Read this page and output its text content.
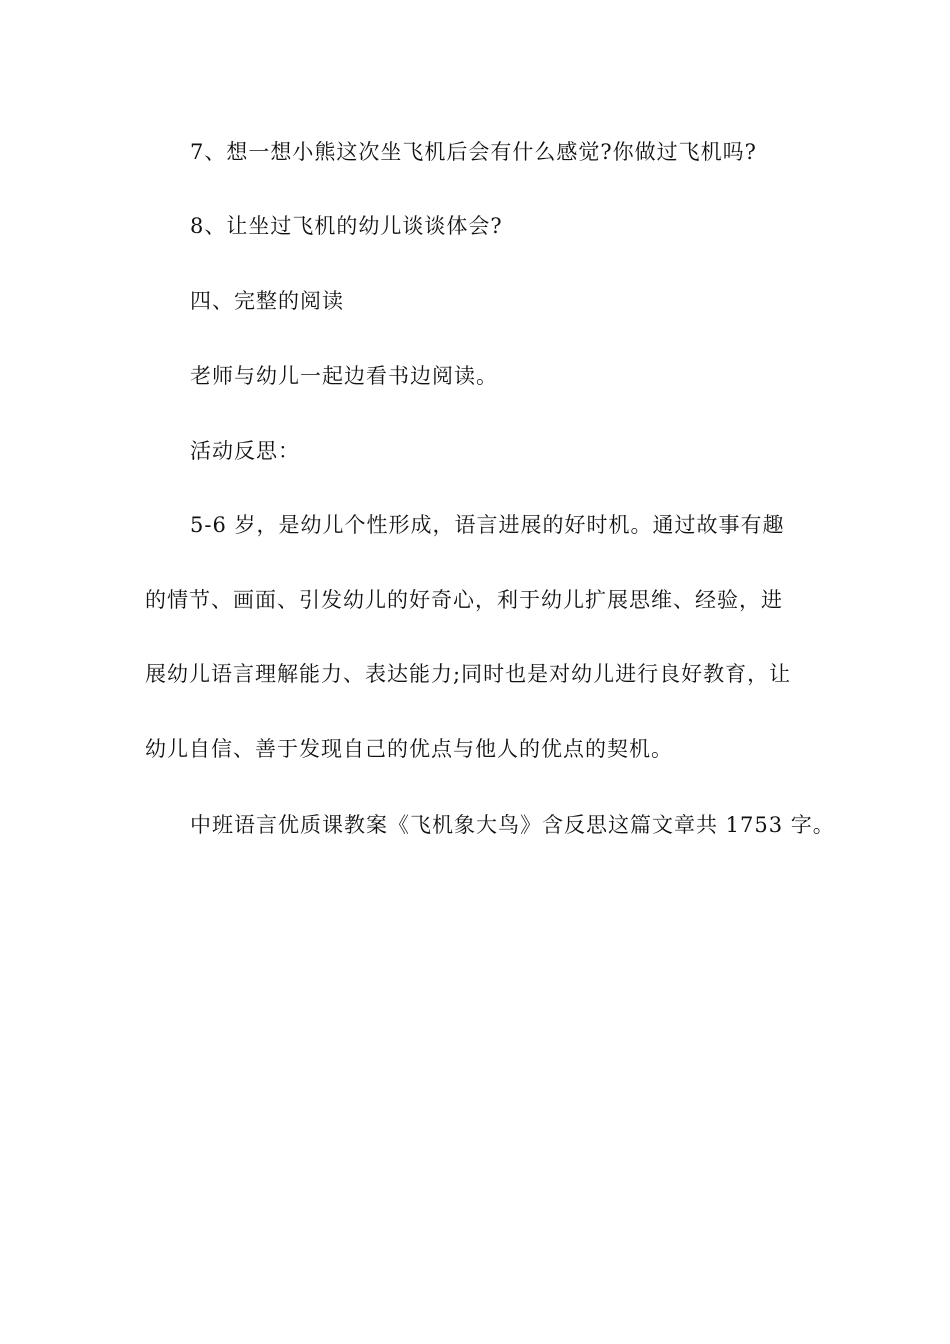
7、想一想小熊这次坐飞机后会有什么感觉?你做过飞机吗?
8、让坐过飞机的幼儿谈谈体会?
四、完整的阅读
老师与幼儿一起边看书边阅读。
活动反思：
5-6 岁，是幼儿个性形成，语言进展的好时机。通过故事有趣
的情节、画面、引发幼儿的好奇心，利于幼儿扩展思维、经验，进
展幼儿语言理解能力、表达能力;同时也是对幼儿进行良好教育，让
幼儿自信、善于发现自己的优点与他人的优点的契机。
中班语言优质课教案《飞机象大鸟》含反思这篇文章共 1753 字。
